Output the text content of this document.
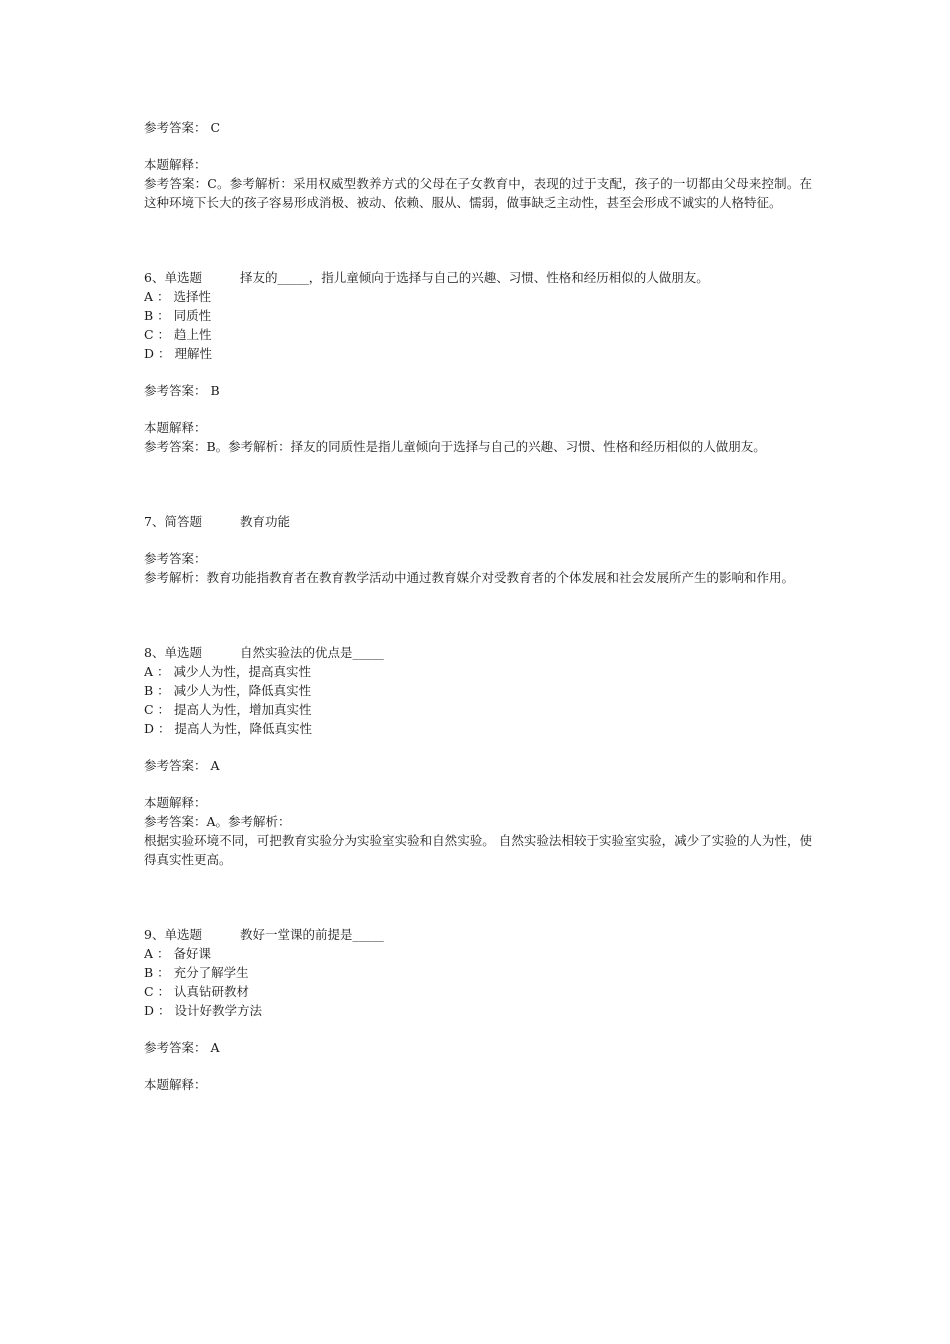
参考答案： C

本题解释：

参考答案：C。参考解析：采用权威型教养方式的父母在子女教育中，表现的过于支配，孩子的一切都由父母来控制。在这种环境下长大的孩子容易形成消极、被动、依赖、服从、懦弱，做事缺乏主动性，甚至会形成不诚实的人格特征。

6、单选题	择友的_____，指儿童倾向于选择与自己的兴趣、习惯、性格和经历相似的人做朋友。

A ： 选择性

B ： 同质性

C ： 趋上性

D ： 理解性

参考答案： B

本题解释：

参考答案：B。参考解析：择友的同质性是指儿童倾向于选择与自己的兴趣、习惯、性格和经历相似的人做朋友。

7、简答题	教育功能

参考答案：

参考解析：教育功能指教育者在教育教学活动中通过教育媒介对受教育者的个体发展和社会发展所产生的影响和作用。

8、单选题	自然实验法的优点是_____

A ： 减少人为性，提高真实性

B ： 减少人为性，降低真实性

C ： 提高人为性，增加真实性

D ： 提高人为性，降低真实性

参考答案： A

本题解释：

参考答案：A。参考解析：

根据实验环境不同，可把教育实验分为实验室实验和自然实验。 自然实验法相较于实验室实验，减少了实验的人为性，使得真实性更高。

9、单选题	教好一堂课的前提是_____

A ： 备好课

B ： 充分了解学生

C ： 认真钻研教材

D ： 设计好教学方法

参考答案： A

本题解释：
